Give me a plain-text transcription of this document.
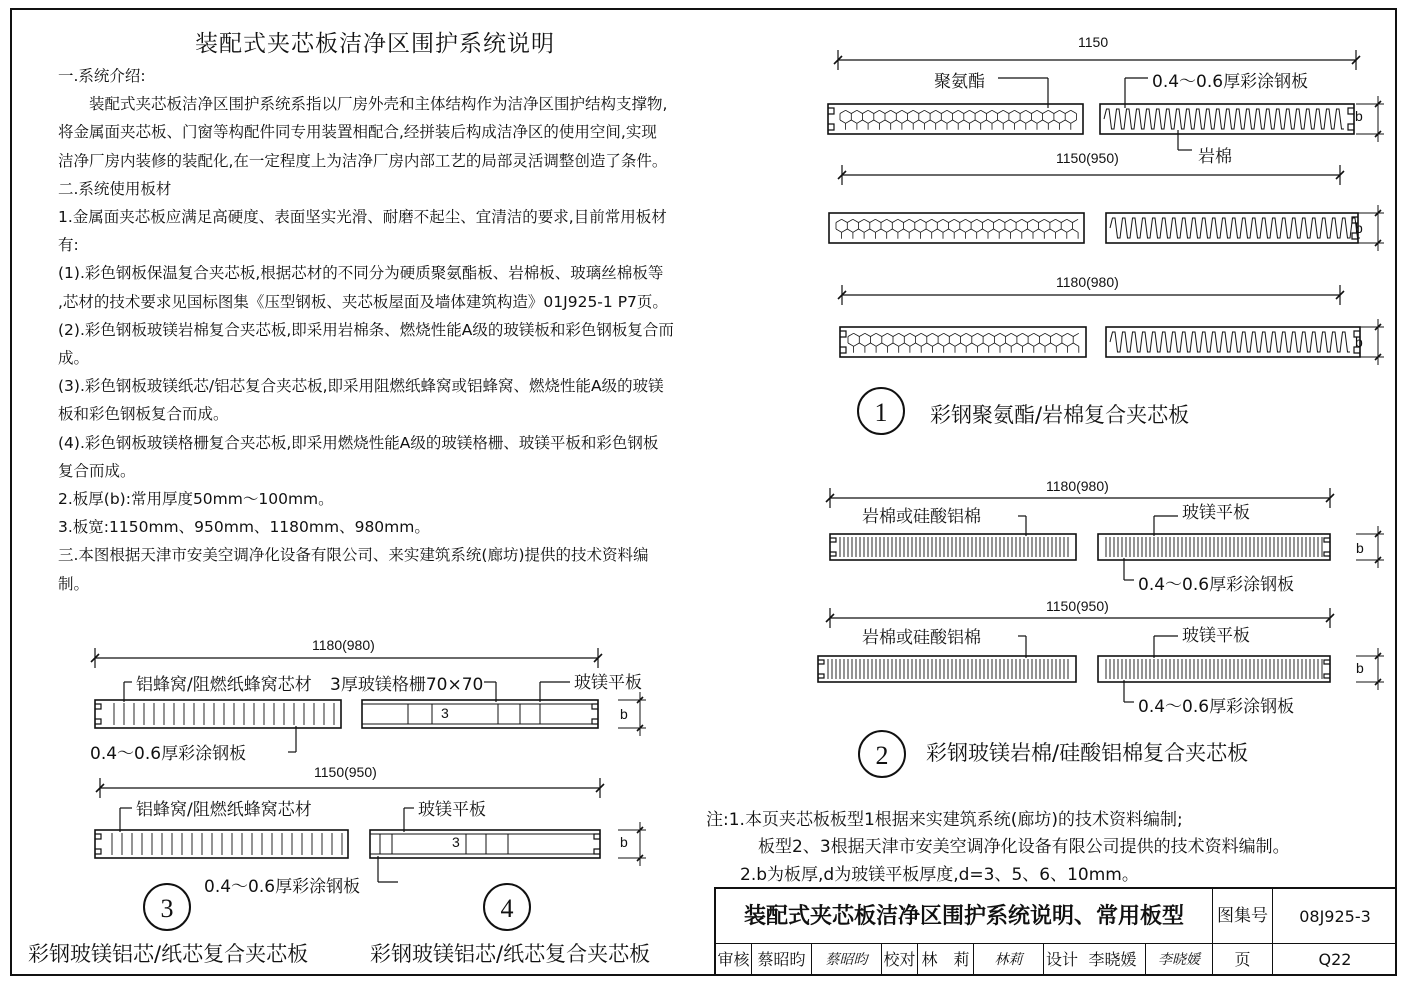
装配式夹芯板洁净区围护系统说明
一.系统介绍:
　　装配式夹芯板洁净区围护系统系指以厂房外壳和主体结构作为洁净区围护结构支撑物,
将金属面夹芯板、门窗等构配件同专用装置相配合,经拼装后构成洁净区的使用空间,实现
洁净厂房内装修的装配化,在一定程度上为洁净厂房内部工艺的局部灵活调整创造了条件。
二.系统使用板材
1.金属面夹芯板应满足高硬度、表面坚实光滑、耐磨不起尘、宜清洁的要求,目前常用板材
有:
(1).彩色钢板保温复合夹芯板,根据芯材的不同分为硬质聚氨酯板、岩棉板、玻璃丝棉板等
,芯材的技术要求见国标图集《压型钢板、夹芯板屋面及墙体建筑构造》01J925-1 P7页。
(2).彩色钢板玻镁岩棉复合夹芯板,即采用岩棉条、燃烧性能A级的玻镁板和彩色钢板复合而
成。
(3).彩色钢板玻镁纸芯/铝芯复合夹芯板,即采用阻燃纸蜂窝或铝蜂窝、燃烧性能A级的玻镁
板和彩色钢板复合而成。
(4).彩色钢板玻镁格栅复合夹芯板,即采用燃烧性能A级的玻镁格栅、玻镁平板和彩色钢板
复合而成。
2.板厚(b):常用厚度50mm～100mm。
3.板宽:1150mm、950mm、1180mm、980mm。
三.本图根据天津市安美空调净化设备有限公司、来实建筑系统(廊坊)提供的技术资料编
制。
1150
聚氨酯	0.4～0.6厚彩涂钢板
岩棉
1150(950)
1180(980)
b
b
b
1	彩钢聚氨酯/岩棉复合夹芯板
1180(980)
岩棉或硅酸铝棉	玻镁平板
0.4～0.6厚彩涂钢板
b
1150(950)
岩棉或硅酸铝棉	玻镁平板
0.4～0.6厚彩涂钢板
b
2	彩钢玻镁岩棉/硅酸铝棉复合夹芯板
1180(980)
铝蜂窝/阻燃纸蜂窝芯材 3厚玻镁格栅70×70	玻镁平板
0.4～0.6厚彩涂钢板
b
3
1150(950)
铝蜂窝/阻燃纸蜂窝芯材	玻镁平板
0.4～0.6厚彩涂钢板
b
3
3
彩钢玻镁铝芯/纸芯复合夹芯板
4
彩钢玻镁铝芯/纸芯复合夹芯板
注:1.本页夹芯板板型1根据来实建筑系统(廊坊)的技术资料编制;
板型2、3根据天津市安美空调净化设备有限公司提供的技术资料编制。
2.b为板厚,d为玻镁平板厚度,d=3、5、6、10mm。
装配式夹芯板洁净区围护系统说明、常用板型	图集号	08J925-3
审核 蔡昭昀	蔡昭昀 校对 林　莉	林莉	设计 李晓媛	李晓媛	页	Q22
